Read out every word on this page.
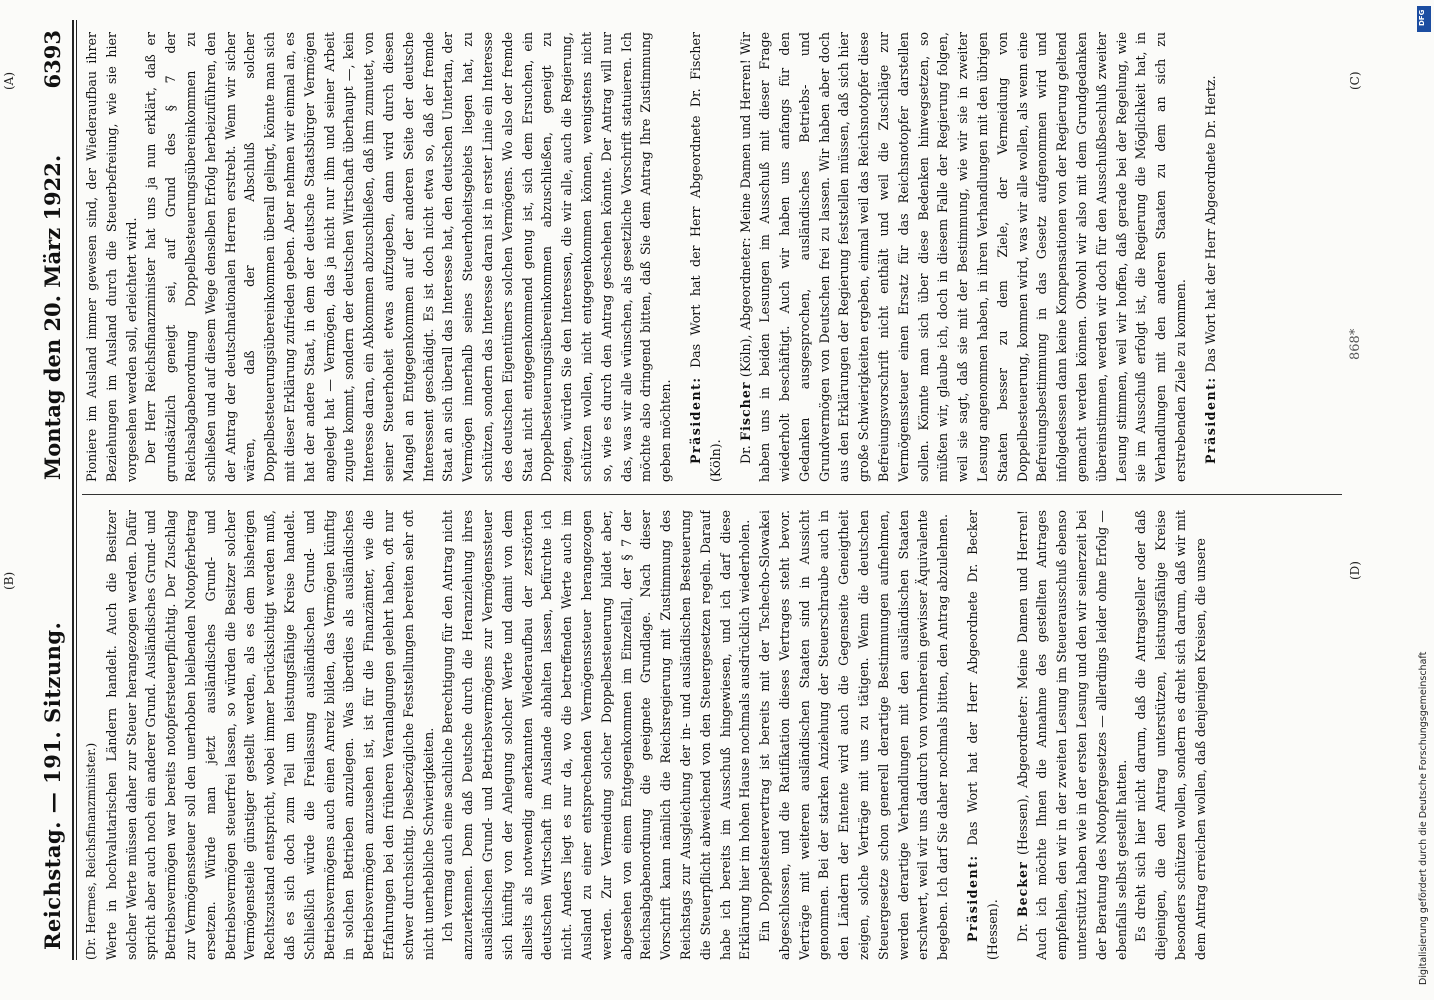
Reichstag. — 191. Sitzung.
Montag den 20. März 1922.
6393

(Dr. Hermes, Reichsfinanzminister.) Werte in hochvalutarischen Ländern handelt. Auch die Besitzer solcher Werte müssen daher zur Steuer herangezogen werden. Dafür spricht aber auch noch ein anderer Grund. Ausländisches Grund- und Betriebsvermögen war bereits notopfersteuerpflichtig. Der Zuschlag zur Vermögenssteuer soll den unerhoben bleibenden Notopferbetrag ersetzen. Würde man jetzt ausländisches Grund- und Betriebsvermögen steuerfrei lassen, so würden die Besitzer solcher Vermögensteile günstiger gestellt werden, als es dem bisherigen Rechtszustand entspricht, wobei immer berücksichtigt werden muß, daß es sich doch zum Teil um leistungsfähige Kreise handelt. Schließlich würde die Freilassung ausländischen Grund- und Betriebsvermögens auch einen Anreiz bilden, das Vermögen künftig in solchen Betrieben anzulegen. Was überdies als ausländisches Betriebsvermögen anzusehen ist, ist für die Finanzämter, wie die Erfahrungen bei den früheren Veranlagungen gelehrt haben, oft nur schwer durchsichtig. Diesbezügliche Feststellungen bereiten sehr oft nicht unerhebliche Schwierigkeiten. Ich vermag auch eine sachliche Berechtigung für den Antrag nicht anzuerkennen. Denn daß Deutsche durch die Heranziehung ihres ausländischen Grund- und Betriebsvermögens zur Vermögenssteuer sich künftig von der Anlegung solcher Werte und damit von dem allseits als notwendig anerkannten Wiederaufbau der zerstörten deutschen Wirtschaft im Auslande abhalten lassen, befürchte ich nicht. Anders liegt es nur da, wo die betreffenden Werte auch im Ausland zu einer entsprechenden Vermögenssteuer herangezogen werden. Zur Vermeidung solcher Doppelbesteuerung bildet aber, abgesehen von einem Entgegenkommen im Einzelfall, der § 7 der Reichsabgabenordnung die geeignete Grundlage. Nach dieser Vorschrift kann nämlich die Reichsregierung mit Zustimmung des Reichstags zur Ausgleichung der in- und ausländischen Besteuerung die Steuerpflicht abweichend von den Steuergesetzen regeln. Darauf habe ich bereits im Ausschuß hingewiesen, und ich darf diese Erklärung hier im hohen Hause nochmals ausdrücklich wiederholen. Ein Doppelsteuervertrag ist bereits mit der Tschecho-Slowakei abgeschlossen, und die Ratifikation dieses Vertrages steht bevor. Verträge mit weiteren ausländischen Staaten sind in Aussicht genommen. Bei der starken Anziehung der Steuerschraube auch in den Ländern der Entente wird auch die Gegenseite Geneigtheit zeigen, solche Verträge mit uns zu tätigen. Wenn die deutschen Steuergesetze schon generell derartige Bestimmungen aufnehmen, werden derartige Verhandlungen mit den ausländischen Staaten erschwert, weil wir uns dadurch von vornherein gewisser Äquivalente begeben. Ich darf Sie daher nochmals bitten, den Antrag abzulehnen. Präsident: Das Wort hat der Herr Abgeordnete Dr. Becker (Hessen). Dr. Becker (Hessen), Abgeordneter: Meine Damen und Herren! Auch ich möchte Ihnen die Annahme des gestellten Antrages empfehlen, den wir in der zweiten Lesung im Steuerausschuß ebenso unterstützt haben wie in der ersten Lesung und den wir seinerzeit bei der Beratung des Notopfergesetzes — allerdings leider ohne Erfolg — ebenfalls selbst gestellt hatten. Es dreht sich hier nicht darum, daß die Antragsteller oder daß diejenigen, die den Antrag unterstützen, leistungsfähige Kreise besonders schützen wollen, sondern es dreht sich darum, daß wir mit dem Antrag erreichen wollen, daß denjenigen Kreisen, die unsere

Pioniere im Ausland immer gewesen sind, der Wiederaufbau ihrer Beziehungen im Ausland durch die Steuerbefreiung, wie sie hier vorgesehen werden soll, erleichtert wird. Der Herr Reichsfinanzminister hat uns ja nun erklärt, daß er grundsätzlich geneigt sei, auf Grund des § 7 der Reichsabgabenordnung Doppelbesteuerungsübereinkommen zu schließen und auf diesem Wege denselben Erfolg herbeizuführen, den der Antrag der deutschnationalen Herren erstrebt. Wenn wir sicher wären, daß der Abschluß solcher Doppelbesteuerungsübereinkommen überall gelingt, könnte man sich mit dieser Erklärung zufrieden geben. Aber nehmen wir einmal an, es hat der andere Staat, in dem der deutsche Staatsbürger Vermögen angelegt hat — Vermögen, das ja nicht nur ihm und seiner Arbeit zugute kommt, sondern der deutschen Wirtschaft überhaupt —, kein Interesse daran, ein Abkommen abzuschließen, daß ihm zumutet, von seiner Steuerhoheit etwas aufzugeben, dann wird durch diesen Mangel an Entgegenkommen auf der anderen Seite der deutsche Interessent geschädigt. Es ist doch nicht etwa so, daß der fremde Staat an sich überall das Interesse hat, den deutschen Untertan, der Vermögen innerhalb seines Steuerhoheitsgebiets liegen hat, zu schützen, sondern das Interesse daran ist in erster Linie ein Interesse des deutschen Eigentümers solchen Vermögens. Wo also der fremde Staat nicht entgegenkommend genug ist, sich dem Ersuchen, ein Doppelbesteuerungsübereinkommen abzuschließen, geneigt zu zeigen, würden Sie den Interessen, die wir alle, auch die Regierung, schützen wollen, nicht entgegenkommen können, wenigstens nicht so, wie es durch den Antrag geschehen könnte. Der Antrag will nur das, was wir alle wünschen, als gesetzliche Vorschrift statuieren. Ich möchte also dringend bitten, daß Sie dem Antrag Ihre Zustimmung geben möchten. Präsident: Das Wort hat der Herr Abgeordnete Dr. Fischer (Köln). Dr. Fischer (Köln), Abgeordneter: Meine Damen und Herren! Wir haben uns in beiden Lesungen im Ausschuß mit dieser Frage wiederholt beschäftigt. Auch wir haben uns anfangs für den Gedanken ausgesprochen, ausländisches Betriebs- und Grundvermögen von Deutschen frei zu lassen. Wir haben aber doch aus den Erklärungen der Regierung feststellen müssen, daß sich hier große Schwierigkeiten ergeben, einmal weil das Reichsnotopfer diese Befreiungsvorschrift nicht enthält und weil die Zuschläge zur Vermögenssteuer einen Ersatz für das Reichsnotopfer darstellen sollen. Könnte man sich über diese Bedenken hinwegsetzen, so müßten wir, glaube ich, doch in diesem Falle der Regierung folgen, weil sie sagt, daß sie mit der Bestimmung, wie wir sie in zweiter Lesung angenommen haben, in ihren Verhandlungen mit den übrigen Staaten besser zu dem Ziele, der Vermeidung von Doppelbesteuerung, kommen wird, was wir alle wollen, als wenn eine Befreiungsbestimmung in das Gesetz aufgenommen wird und infolgedessen dann keine Kompensationen von der Regierung geltend gemacht werden können. Obwohl wir also mit dem Grundgedanken übereinstimmen, werden wir doch für den Ausschußbeschluß zweiter Lesung stimmen, weil wir hoffen, daß gerade bei der Regelung, wie sie im Ausschuß erfolgt ist, die Regierung die Möglichkeit hat, in Verhandlungen mit den anderen Staaten zu dem an sich zu erstrebenden Ziele zu kommen. Präsident: Das Wort hat der Herr Abgeordnete Dr. Hertz.

(A)
(B)
(C)
(D)
868*
DFG
Digitalisierung gefördert durch die Deutsche Forschungsgemeinschaft
